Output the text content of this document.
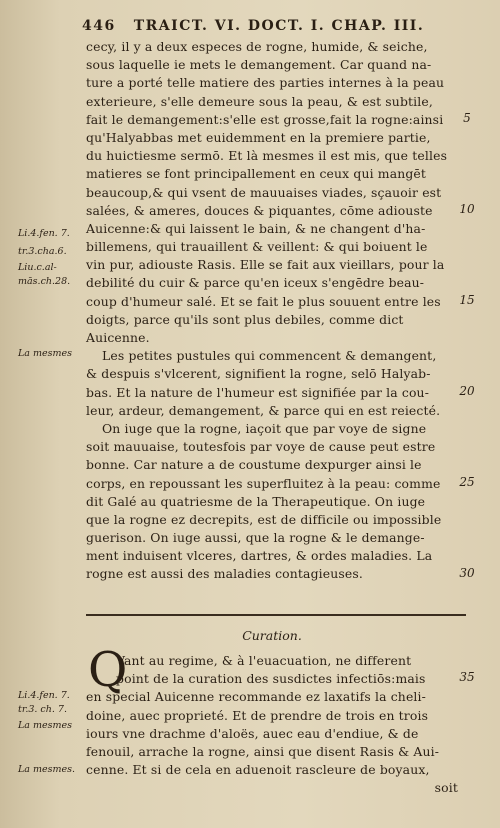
446 TRAICT. VI. DOCT. I. CHAP. III.
cecy, il y a deux especes de rogne, humide, & seiche,
sous laquelle ie mets le demangement. Car quand na-
ture a porté telle matiere des parties internes à la peau
exterieure, s'elle demeure sous la peau, & est subtile,
fait le demangement:s'elle est grosse,fait la rogne:ainsi
qu'Halyabbas met euidemment en la premiere partie,
du huictiesme sermō. Et là mesmes il est mis, que telles
matieres se font principallement en ceux qui mangēt
beaucoup,& qui vsent de mauuaises viades, sçauoir est
salées, & ameres, douces & piquantes, cōme adiouste
Auicenne:& qui laissent le bain, & ne changent d'ha-
billemens, qui trauaillent & veillent: & qui boiuent le
vin pur, adiouste Rasis. Elle se fait aux vieillars, pour la
debilité du cuir & parce qu'en iceux s'engēdre beau-
coup d'humeur salé. Et se fait le plus souuent entre les
doigts, parce qu'ils sont plus debiles, comme dict
Auicenne.
Les petites pustules qui commencent & demangent,
& despuis s'vlcerent, signifient la rogne, selō Halyab-
bas. Et la nature de l'humeur est signifiée par la cou-
leur, ardeur, demangement, & parce qui en est reiecté.
On iuge que la rogne, iaçoit que par voye de signe
soit mauuaise, toutesfois par voye de cause peut estre
bonne. Car nature a de coustume dexpurger ainsi le
corps, en repoussant les superfluitez à la peau: comme
dit Galé au quatriesme de la Therapeutique. On iuge
que la rogne ez decrepits, est de difficile ou impossible
guerison. On iuge aussi, que la rogne & le demange-
ment induisent vlceres, dartres, & ordes maladies. La
rogne est aussi des maladies contagieuses.
5
10
15
20
25
30
Li.4.fen. 7.
tr.3.cha.6.
Liu.c.al-
mās.ch.28.
La mesmes
Curation.
Q
Vant au regime, & à l'euacuation, ne different
point de la curation des susdictes infectiōs:mais
en special Auicenne recommande ez laxatifs la cheli-
doine, auec proprieté. Et de prendre de trois en trois
iours vne drachme d'aloës, auec eau d'endiue, & de
fenouil, arrache la rogne, ainsi que disent Rasis & Aui-
cenne. Et si de cela en aduenoit rascleure de boyaux,
soit
35
Li.4.fen. 7.
tr.3. ch. 7.
La mesmes
La mesmes.
